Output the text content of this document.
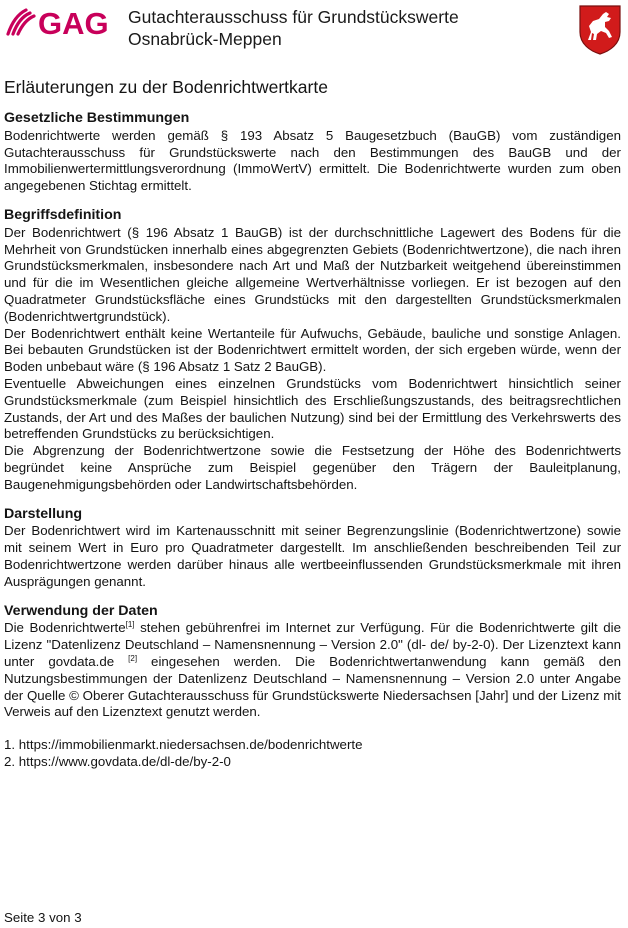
GAG Gutachterausschuss für Grundstückswerte
Osnabrück-Meppen
Erläuterungen zu der Bodenrichtwertkarte
Gesetzliche Bestimmungen

Bodenrichtwerte werden gemäß § 193 Absatz 5 Baugesetzbuch (BauGB) vom zuständigen Gutachterausschuss für Grundstückswerte nach den Bestimmungen des BauGB und der Immobilienwertermittlungsverordnung (ImmoWertV) ermittelt. Die Bodenrichtwerte wurden zum oben angegebenen Stichtag ermittelt.

Begriffsdefinition

Der Bodenrichtwert (§ 196 Absatz 1 BauGB) ist der durchschnittliche Lagewert des Bodens für die Mehrheit von Grundstücken innerhalb eines abgegrenzten Gebiets (Bodenrichtwertzone), die nach ihren Grundstücksmerkmalen, insbesondere nach Art und Maß der Nutzbarkeit weitgehend übereinstimmen und für die im Wesentlichen gleiche allgemeine Wertverhältnisse vorliegen. Er ist bezogen auf den Quadratmeter Grundstücksfläche eines Grundstücks mit den dargestellten Grundstücksmerkmalen (Bodenrichtwertgrundstück).

Der Bodenrichtwert enthält keine Wertanteile für Aufwuchs, Gebäude, bauliche und sonstige Anlagen. Bei bebauten Grundstücken ist der Bodenrichtwert ermittelt worden, der sich ergeben würde, wenn der Boden unbebaut wäre (§ 196 Absatz 1 Satz 2 BauGB).

Eventuelle Abweichungen eines einzelnen Grundstücks vom Bodenrichtwert hinsichtlich seiner Grundstücksmerkmale (zum Beispiel hinsichtlich des Erschließungszustands, des beitragsrechtlichen Zustands, der Art und des Maßes der baulichen Nutzung) sind bei der Ermittlung des Verkehrswerts des betreffenden Grundstücks zu berücksichtigen.

Die Abgrenzung der Bodenrichtwertzone sowie die Festsetzung der Höhe des Bodenrichtwerts begründet keine Ansprüche zum Beispiel gegenüber den Trägern der Bauleitplanung, Baugenehmigungsbehörden oder Landwirtschaftsbehörden.

Darstellung

Der Bodenrichtwert wird im Kartenausschnitt mit seiner Begrenzungslinie (Bodenrichtwertzone) sowie mit seinem Wert in Euro pro Quadratmeter dargestellt. Im anschließenden beschreibenden Teil zur Bodenrichtwertzone werden darüber hinaus alle wertbeeinflussenden Grundstücksmerkmale mit ihren Ausprägungen genannt.

Verwendung der Daten

Die Bodenrichtwerte[1] stehen gebührenfrei im Internet zur Verfügung. Für die Bodenrichtwerte gilt die Lizenz "Datenlizenz Deutschland – Namensnennung – Version 2.0" (dl- de/ by-2-0). Der Lizenztext kann unter govdata.de [2] eingesehen werden. Die Bodenrichtwertanwendung kann gemäß den Nutzungsbestimmungen der Datenlizenz Deutschland – Namensnennung – Version 2.0 unter Angabe der Quelle © Oberer Gutachterausschuss für Grundstückswerte Niedersachsen [Jahr] und der Lizenz mit Verweis auf den Lizenztext genutzt werden.

1. https://immobilienmarkt.niedersachsen.de/bodenrichtwerte
2. https://www.govdata.de/dl-de/by-2-0
Seite 3 von 3
